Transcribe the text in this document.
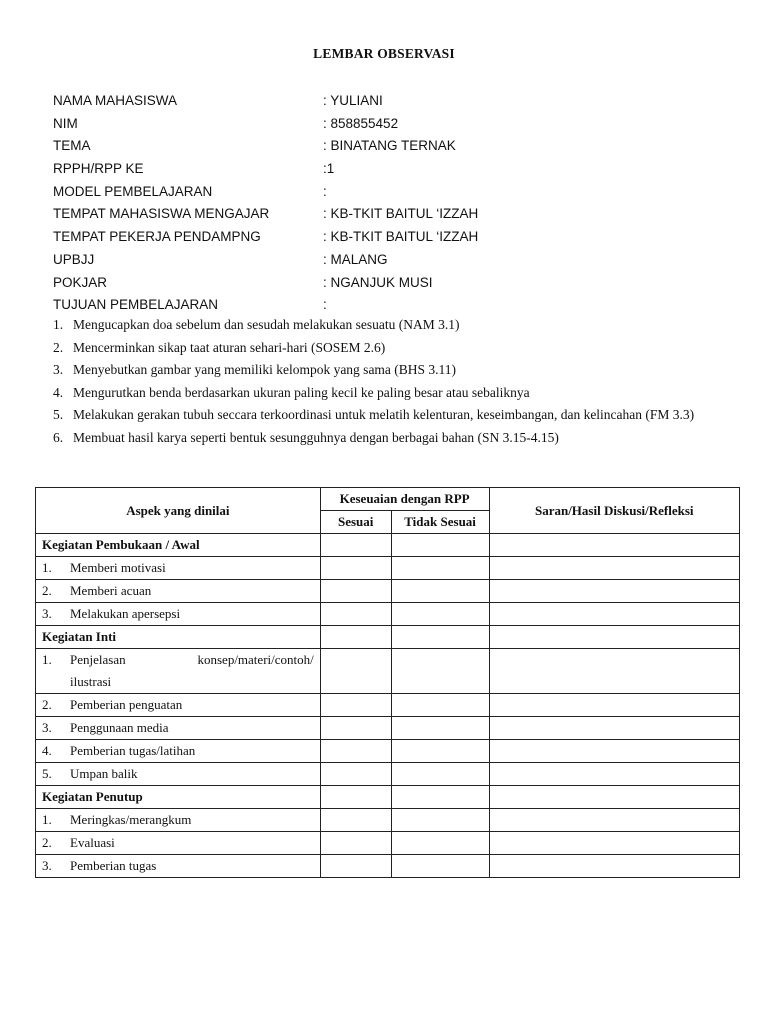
LEMBAR OBSERVASI
NAMA MAHASISWA	: YULIANI
NIM	: 858855452
TEMA	: BINATANG TERNAK
RPPH/RPP KE	:1
MODEL PEMBELAJARAN	:
TEMPAT MAHASISWA MENGAJAR	: KB-TKIT BAITUL ‘IZZAH
TEMPAT PEKERJA PENDAMPNG	: KB-TKIT BAITUL ‘IZZAH
UPBJJ	: MALANG
POKJAR	: NGANJUK MUSI
TUJUAN PEMBELAJARAN	:
1. Mengucapkan doa sebelum dan sesudah melakukan sesuatu (NAM 3.1)
2. Mencerminkan sikap taat aturan sehari-hari (SOSEM 2.6)
3. Menyebutkan gambar yang memiliki kelompok yang sama (BHS 3.11)
4. Mengurutkan benda berdasarkan ukuran paling kecil ke paling besar atau sebaliknya
5. Melakukan gerakan tubuh seccara terkoordinasi untuk melatih kelenturan, keseimbangan, dan kelincahan (FM 3.3)
6. Membuat hasil karya seperti bentuk sesungguhnya dengan berbagai bahan (SN 3.15-4.15)
Aspek yang dinilai	Keseuaian dengan RPP		Saran/Hasil Diskusi/Refleksi
	Sesuai	Tidak Sesuai	
Kegiatan Pembukaan / Awal			
1. Memberi motivasi			
2. Memberi acuan			
3. Melakukan apersepsi			
Kegiatan Inti			

1. Penjelasan konsep/materi/contoh/
ilustrasi			

2. Pemberian penguatan			
3. Penggunaan media			
4. Pemberian tugas/latihan			
5. Umpan balik			
Kegiatan Penutup			
1. Meringkas/merangkum			
2. Evaluasi			
3. Pemberian tugas			
